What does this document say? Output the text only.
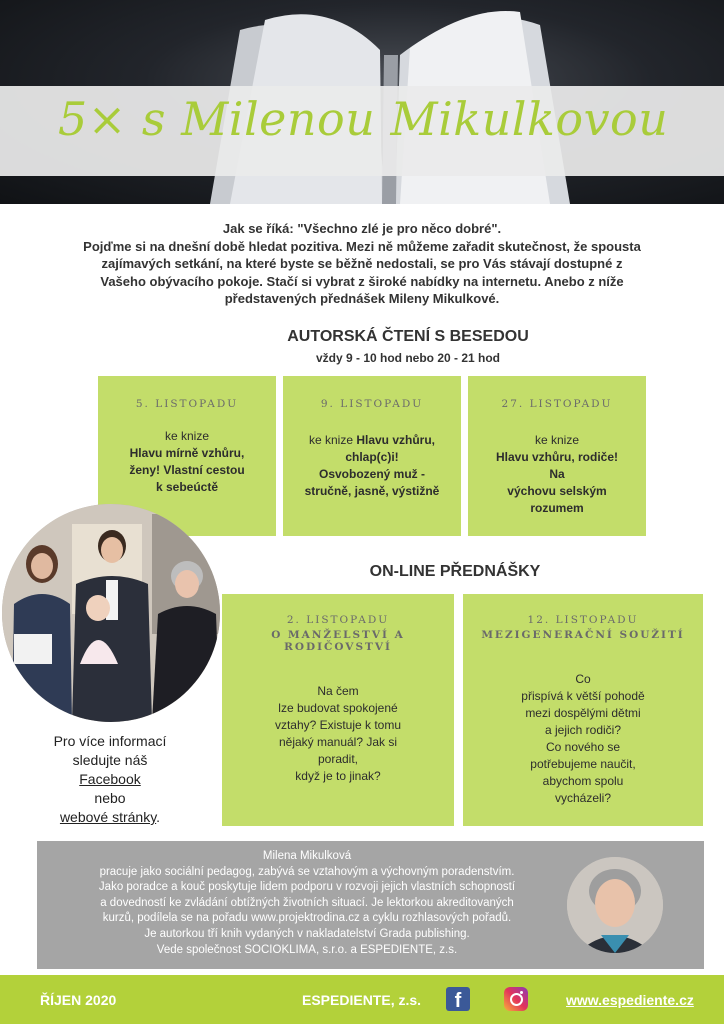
5× s Milenou Mikulkovou
Jak se říká: "Všechno zlé je pro něco dobré".
Pojďme si na dnešní době hledat pozitiva. Mezi ně můžeme zařadit skutečnost, že spousta
zajímavých setkání, na které byste se běžně nedostali, se pro Vás stávají dostupné z
Vašeho obývacího pokoje. Stačí si vybrat z široké nabídky na internetu. Anebo z níže
představených přednášek Mileny Mikulkové.
AUTORSKÁ ČTENÍ S BESEDOU
vždy 9 - 10 hod nebo 20 - 21 hod
5. LISTOPADU
ke knize
Hlavu mírně vzhůru,
ženy! Vlastní cestou
k sebeúctě
9. LISTOPADU
ke knize Hlavu vzhůru,
chlap(c)i!
Osvobozený muž -
stručně, jasně, výstižně
27. LISTOPADU
ke knize
Hlavu vzhůru, rodiče!
Na
výchovu selským
rozumem
ON-LINE PŘEDNÁŠKY
2. LISTOPADU
O MANŽELSTVÍ A RODIČOVSTVÍ
Na čem
lze budovat spokojené
vztahy? Existuje k tomu
nějaký manuál? Jak si
poradit,
když je to jinak?
12. LISTOPADU
MEZIGENERAČNÍ SOUŽITÍ
Co
přispívá k větší pohodě
mezi dospělými dětmi
a jejich rodiči?
Co nového se
potřebujeme naučit,
abychom spolu
vycházeli?
Pro více informací
sledujte náš
Facebook
nebo
webové stránky.
Milena Mikulková
pracuje jako sociální pedagog, zabývá se vztahovým a výchovným poradenstvím.
Jako poradce a kouč poskytuje lidem podporu v rozvoji jejich vlastních schopností
a dovedností ke zvládání obtížných životních situací. Je lektorkou akreditovaných
kurzů, podílela se na pořadu www.projektrodina.cz a cyklu rozhlasových pořadů.
Je autorkou tří knih vydaných v nakladatelství Grada publishing.
Vede společnost SOCIOKLIMA, s.r.o. a ESPEDIENTE, z.s.
ŘÍJEN 2020	ESPEDIENTE, z.s.	www.espediente.cz
f
